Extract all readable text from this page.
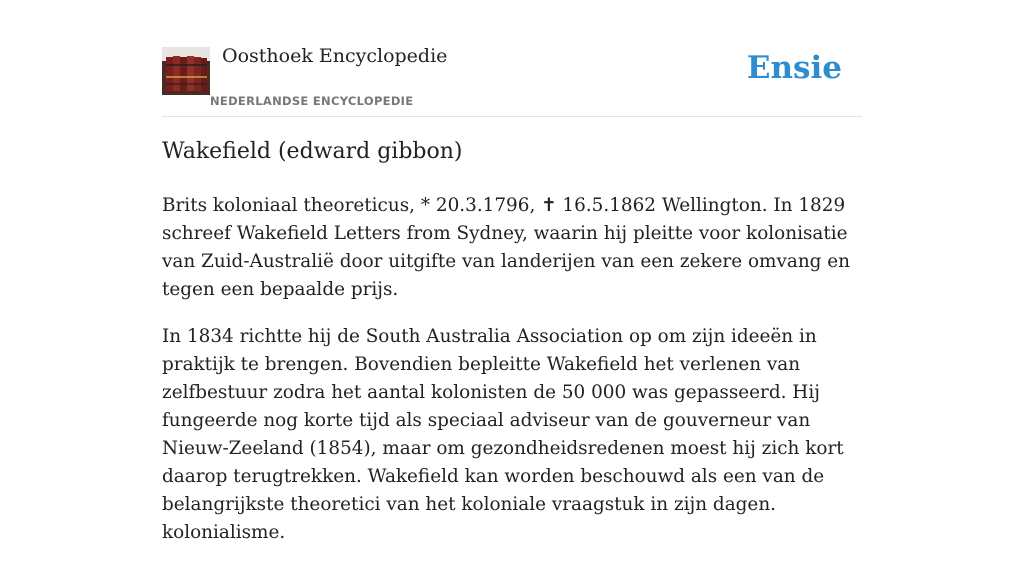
Oosthoek Encyclopedie
NEDERLANDSE ENCYCLOPEDIE
Ensie
Wakefield (edward gibbon)

Brits koloniaal theoreticus, * 20.3.1796, ✝ 16.5.1862 Wellington. In 1829 schreef Wakefield Letters from Sydney, waarin hij pleitte voor kolonisatie van Zuid-Australië door uitgifte van landerijen van een zekere omvang en tegen een bepaalde prijs.

In 1834 richtte hij de South Australia Association op om zijn ideeën in praktijk te brengen. Bovendien bepleitte Wakefield het verlenen van zelfbestuur zodra het aantal kolonisten de 50 000 was gepasseerd. Hij fungeerde nog korte tijd als speciaal adviseur van de gouverneur van Nieuw-Zeeland (1854), maar om gezondheidsredenen moest hij zich kort daarop terugtrekken. Wakefield kan worden beschouwd als een van de belangrijkste theoretici van het koloniale vraagstuk in zijn dagen. kolonialisme.
